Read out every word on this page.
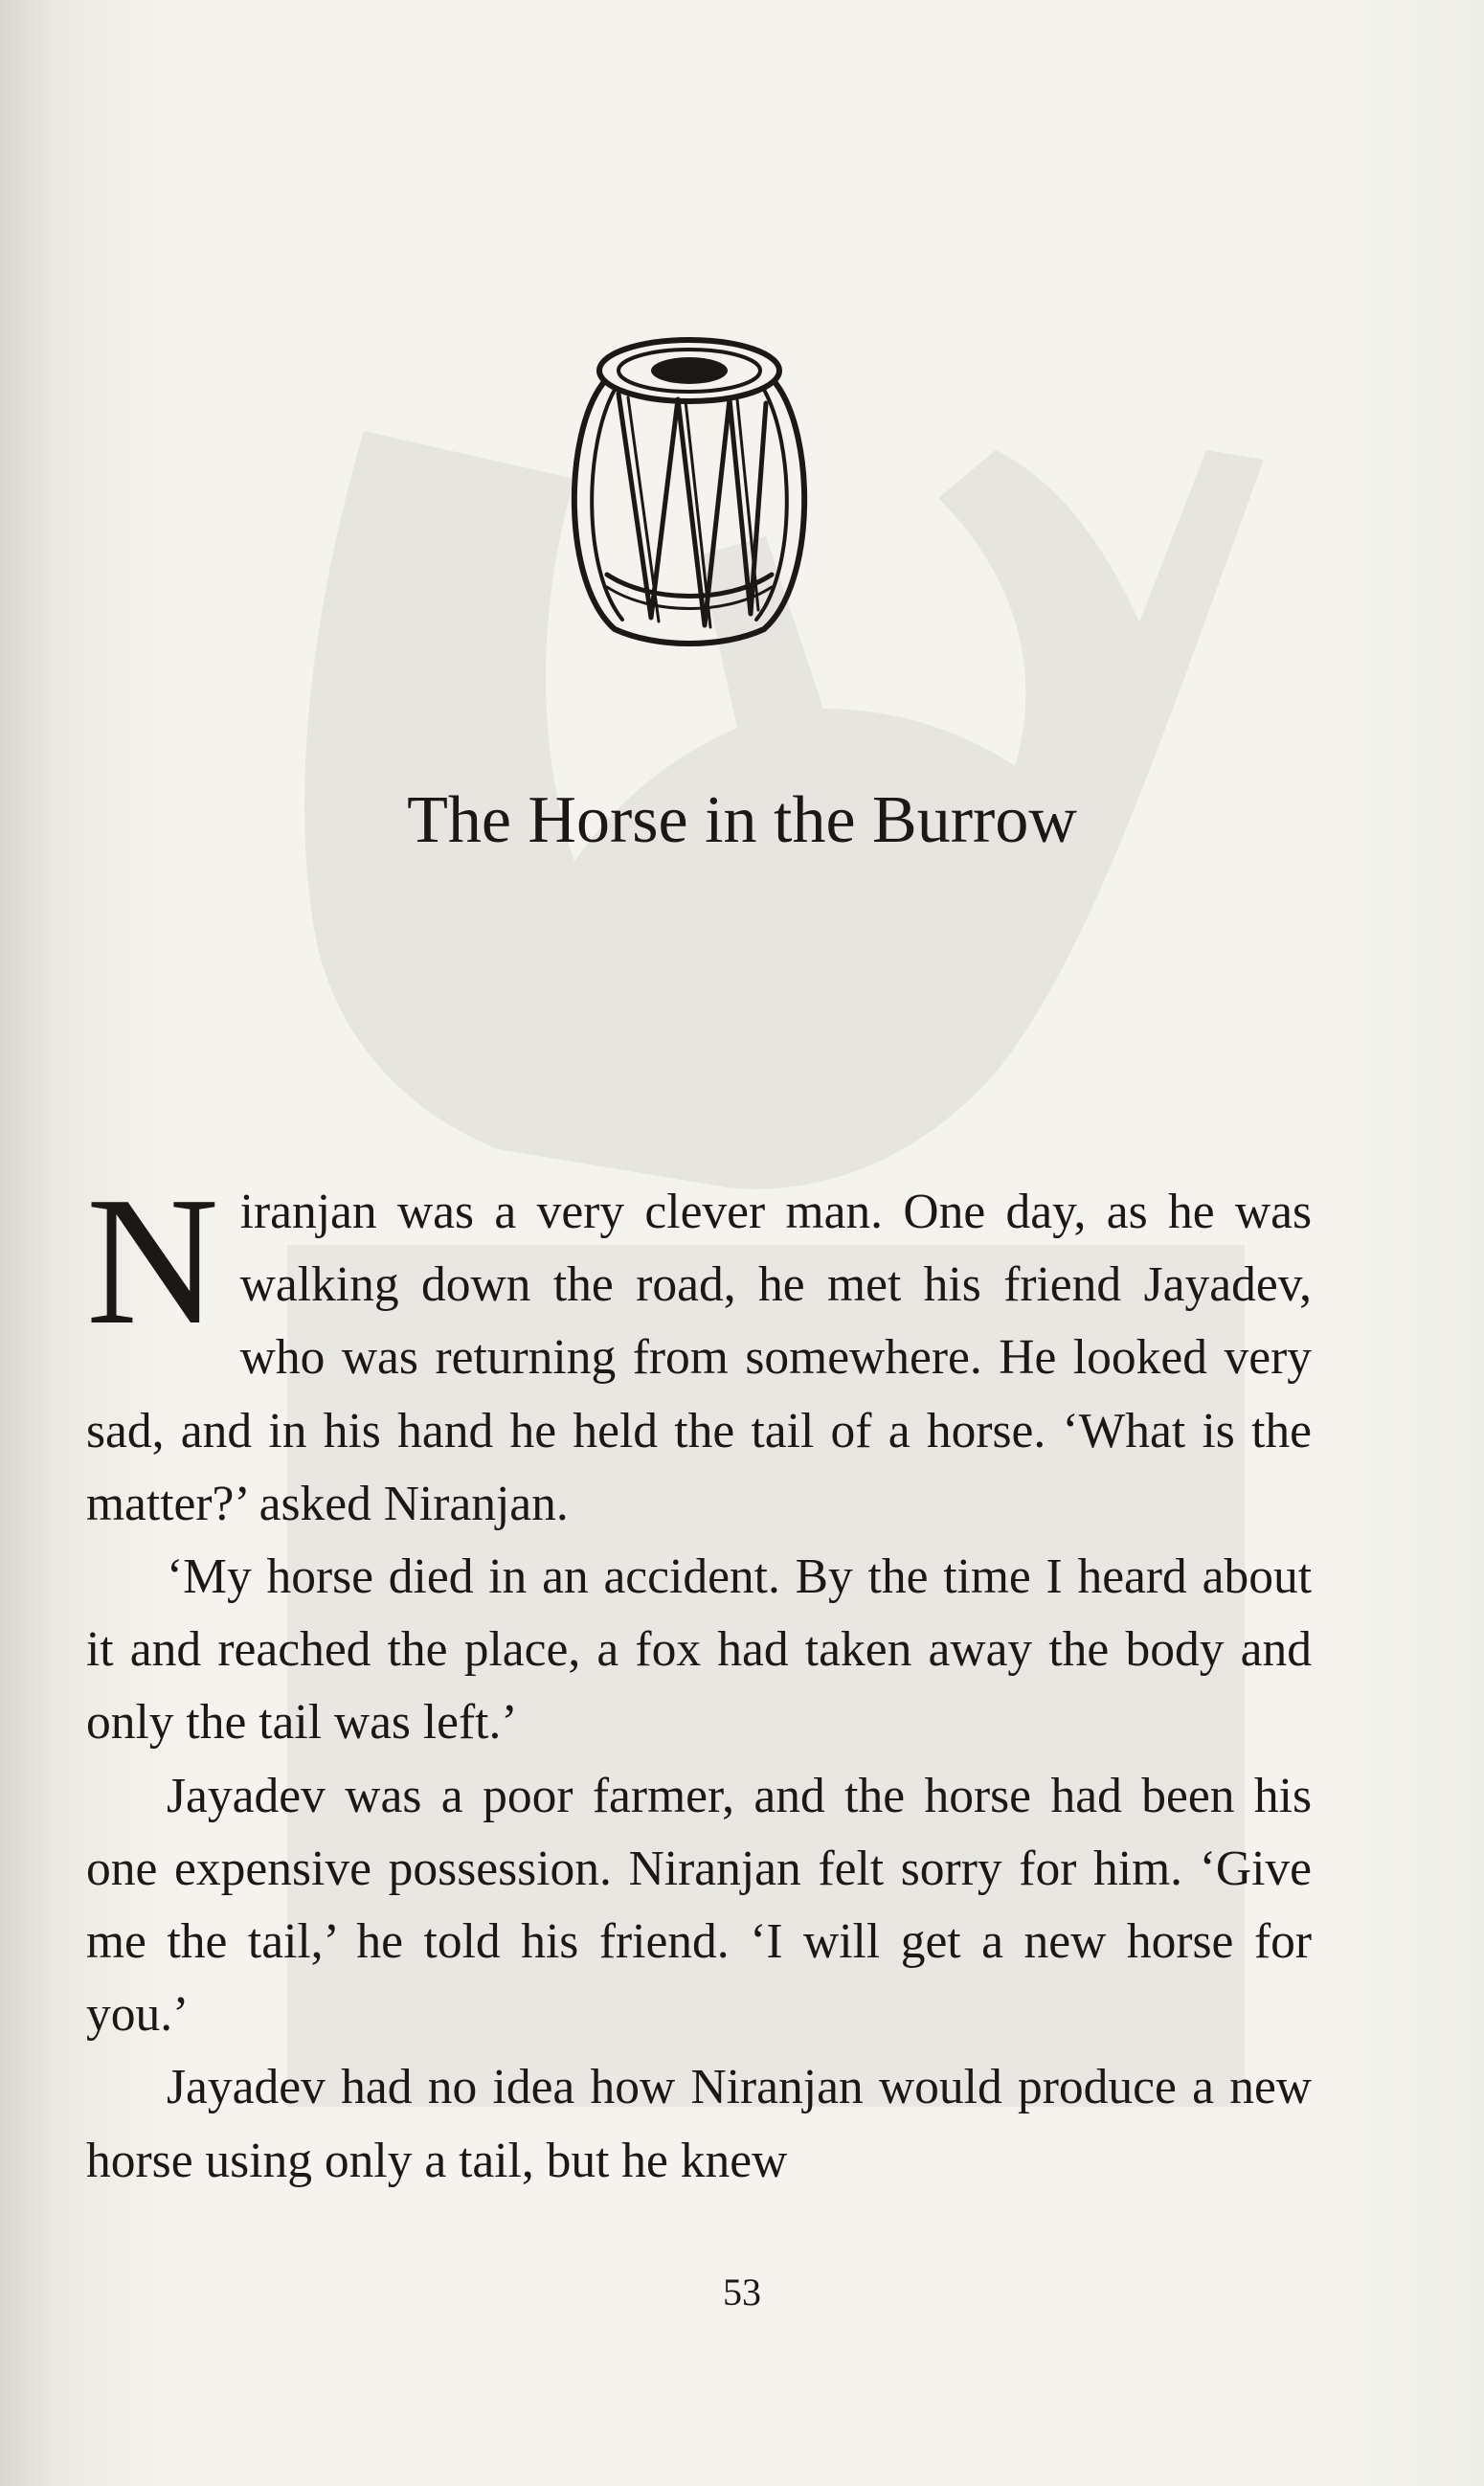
The Horse in the Burrow

Niranjan was a very clever man. One day, as he was walking down the road, he met his friend Jayadev, who was returning from somewhere. He looked very sad, and in his hand he held the tail of a horse. ‘What is the matter?’ asked Niranjan.

‘My horse died in an accident. By the time I heard about it and reached the place, a fox had taken away the body and only the tail was left.’

Jayadev was a poor farmer, and the horse had been his one expensive possession. Niranjan felt sorry for him. ‘Give me the tail,’ he told his friend. ‘I will get a new horse for you.’

Jayadev had no idea how Niranjan would produce a new horse using only a tail, but he knew

53
